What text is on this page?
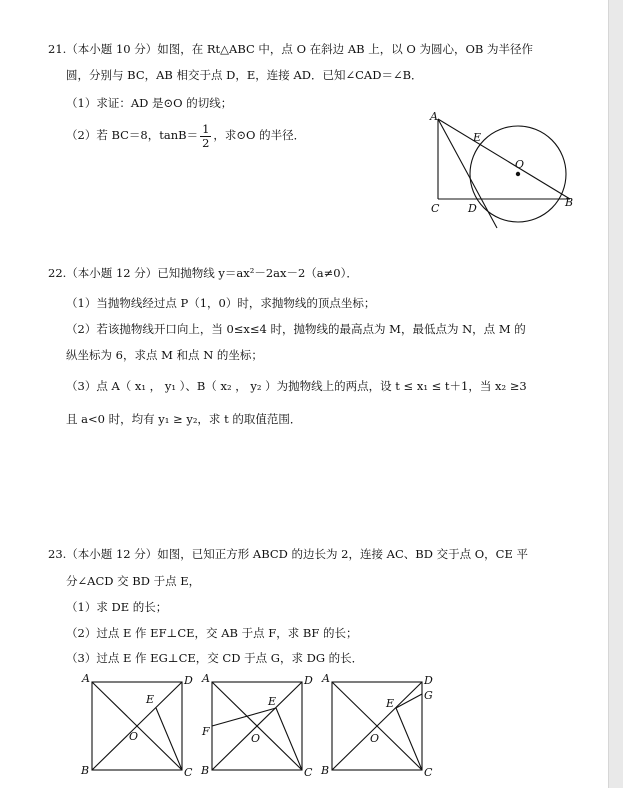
21.（本小题 10 分）如图，在 Rt△ABC 中，点 O 在斜边 AB 上，以 O 为圆心，OB 为半径作
圆，分别与 BC，AB 相交于点 D，E，连接 AD．已知∠CAD＝∠B．
（1）求证：AD 是⊙O 的切线；
（2）若 BC＝8，$\tan B= \frac{1}{2}$ ，求⊙O 的半径．
A
E
O
C	D	B
22.（本小题 12 分）已知抛物线 y＝ax²－2ax－2（a≠0）．
（1）当抛物线经过点 P（1，0）时，求抛物线的顶点坐标；
（2）若该抛物线开口向上，当 0≤x≤4 时，抛物线的最高点为 M，最低点为 N，点 M 的
纵坐标为 6，求点 M 和点 N 的坐标；
（3）点 A（ x₁ ， y₁ ）、B（ x₂ ， y₂ ）为抛物线上的两点，设 t ≤ x₁ ≤ t＋1，当 x₂ ≥3
且 a<0 时，均有 y₁ ≥ y₂，求 t 的取值范围．
23.（本小题 12 分）如图，已知正方形 ABCD 的边长为 2，连接 AC、BD 交于点 O，CE 平
分∠ACD 交 BD 于点 E，
（1）求 DE 的长；
（2）过点 E 作 EF⊥CE，交 AB 于点 F，求 BF 的长；
（3）过点 E 作 EG⊥CE，交 CD 于点 G，求 DG 的长．
A	D
E
O
B	C
A	D
E
F
O
B	C
A	D
G
E
O
B	C
